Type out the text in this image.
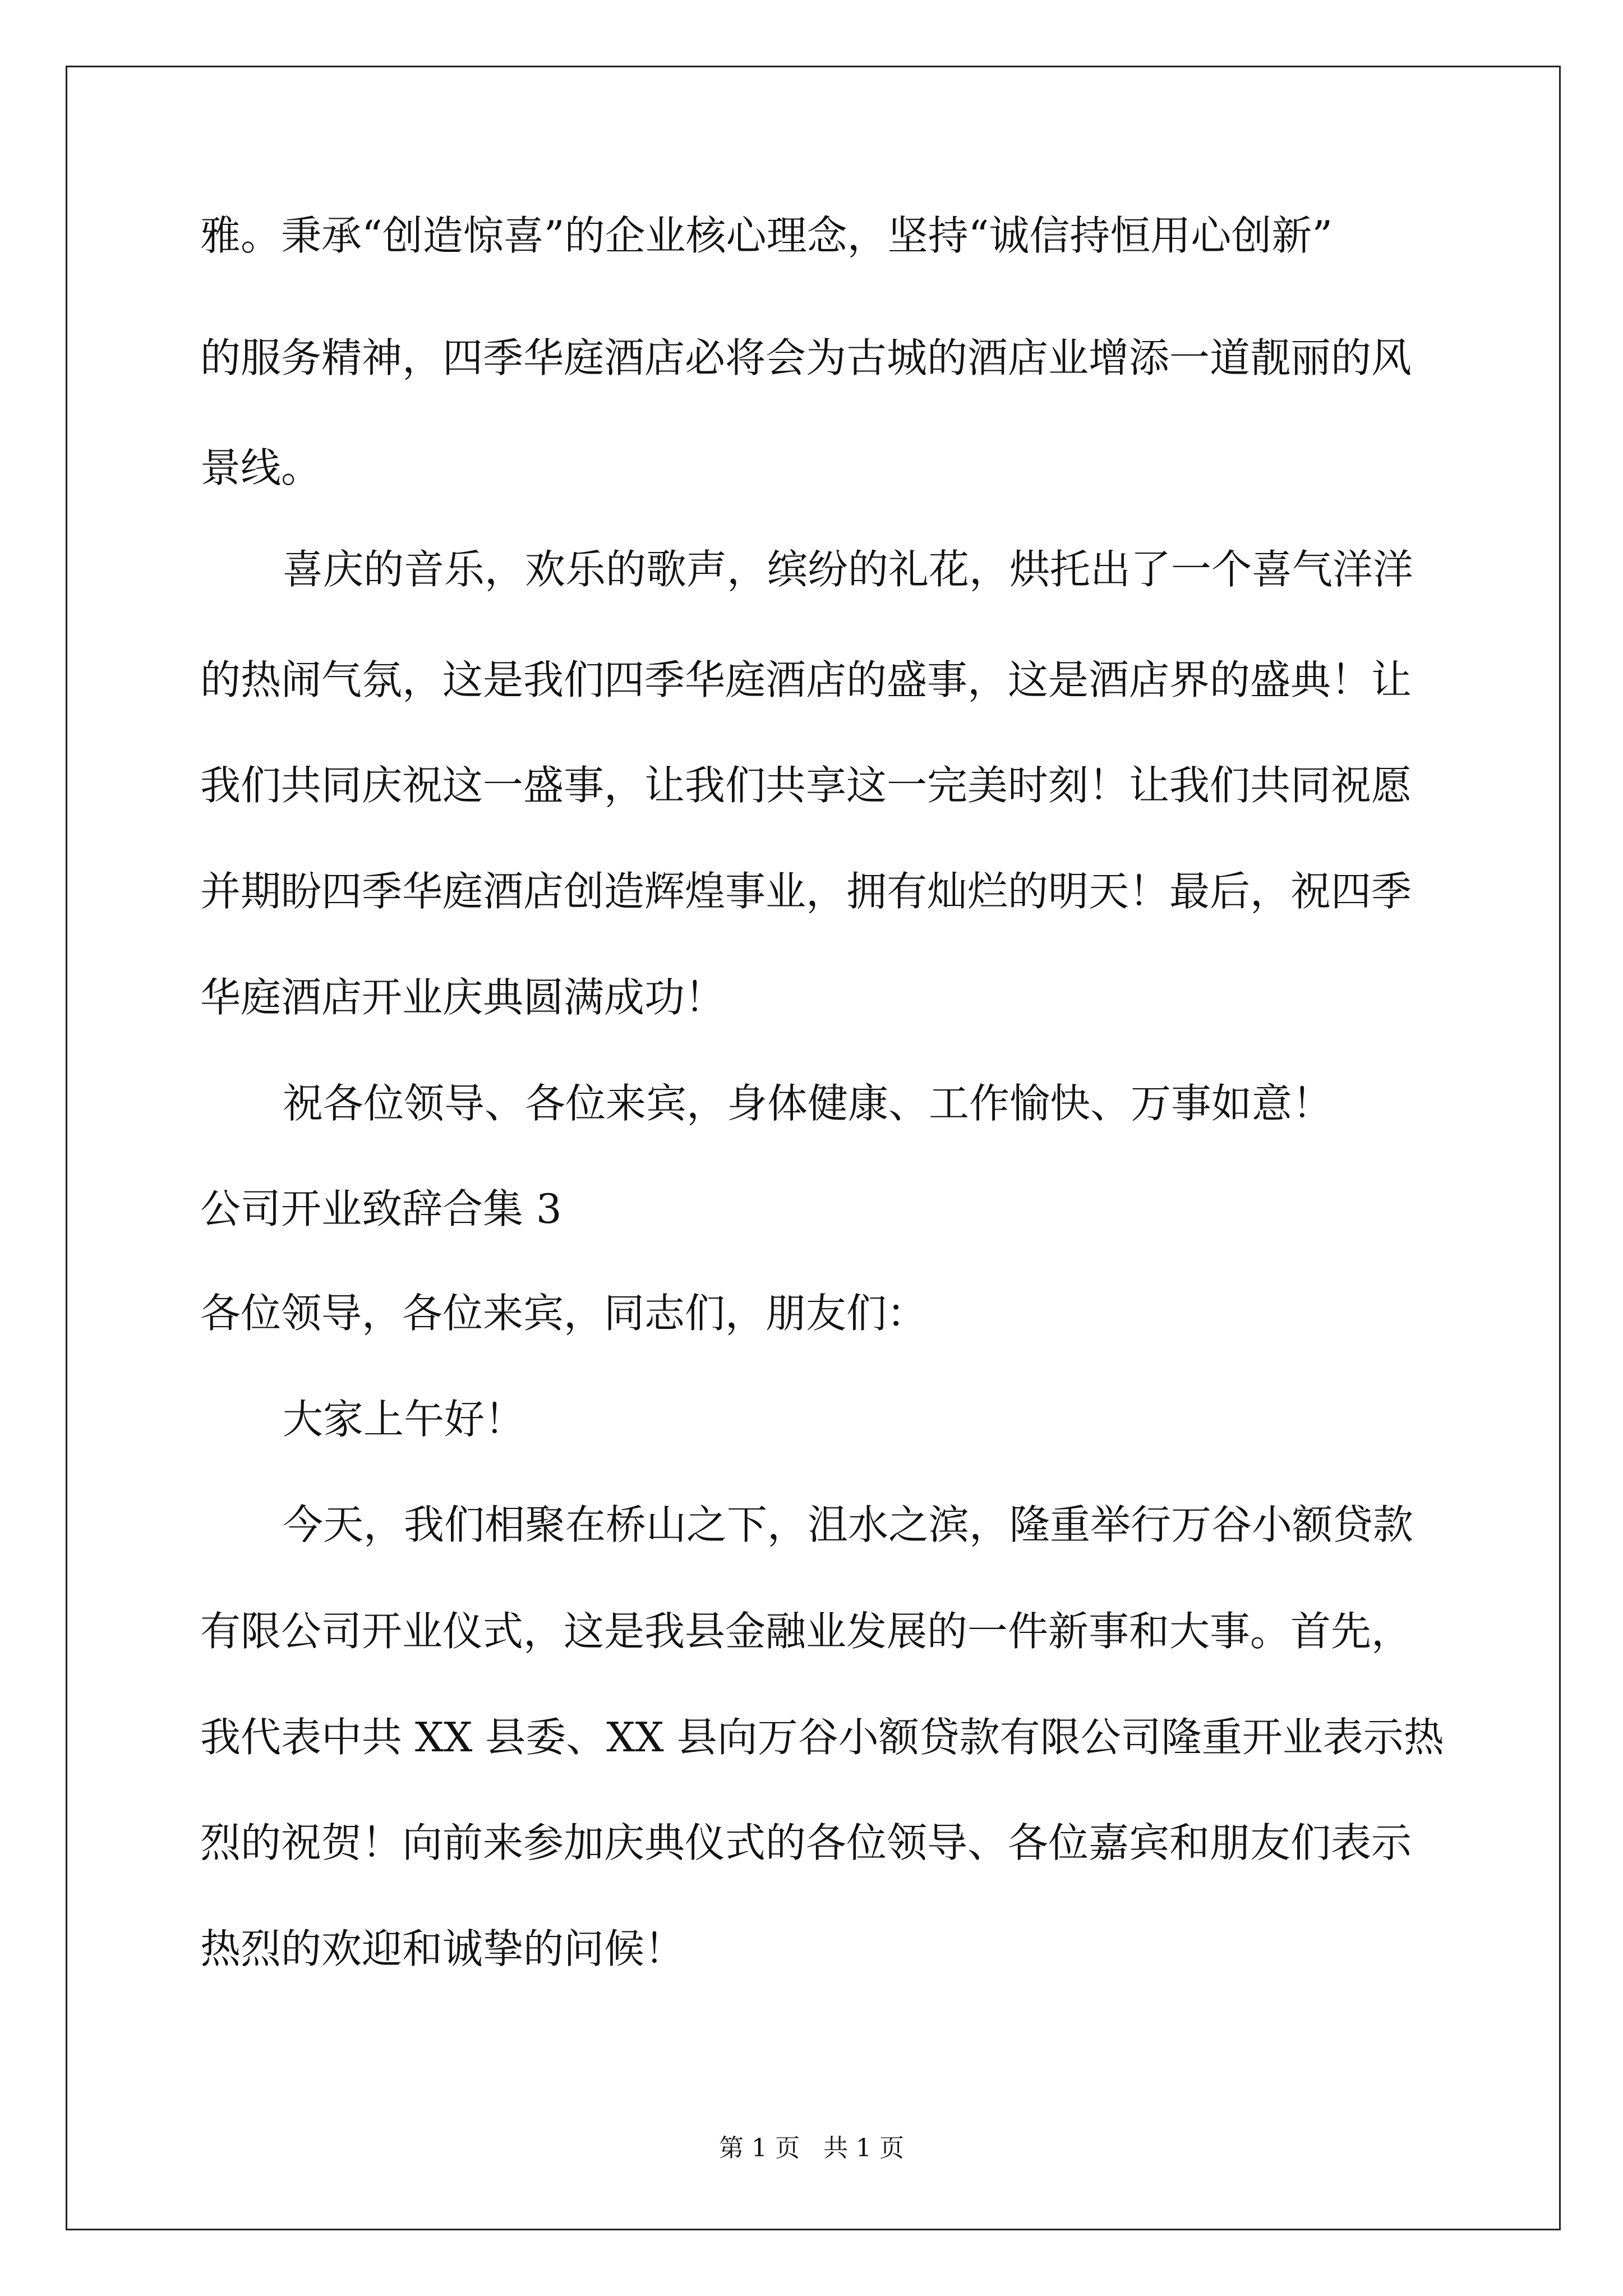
雅。秉承“创造惊喜”的企业核心理念，坚持“诚信持恒用心创新”

的服务精神，四季华庭酒店必将会为古城的酒店业增添一道靓丽的风

景线。

喜庆的音乐，欢乐的歌声，缤纷的礼花，烘托出了一个喜气洋洋

的热闹气氛，这是我们四季华庭酒店的盛事，这是酒店界的盛典！让

我们共同庆祝这一盛事，让我们共享这一完美时刻！让我们共同祝愿

并期盼四季华庭酒店创造辉煌事业，拥有灿烂的明天！最后，祝四季

华庭酒店开业庆典圆满成功！

祝各位领导、各位来宾，身体健康、工作愉快、万事如意！

公司开业致辞合集 3

各位领导，各位来宾，同志们，朋友们：

大家上午好！

今天，我们相聚在桥山之下，沮水之滨，隆重举行万谷小额贷款

有限公司开业仪式，这是我县金融业发展的一件新事和大事。首先，

我代表中共 XX 县委、XX 县向万谷小额贷款有限公司隆重开业表示热

烈的祝贺！向前来参加庆典仪式的各位领导、各位嘉宾和朋友们表示

热烈的欢迎和诚挚的问候！

第 1 页 共 1 页
